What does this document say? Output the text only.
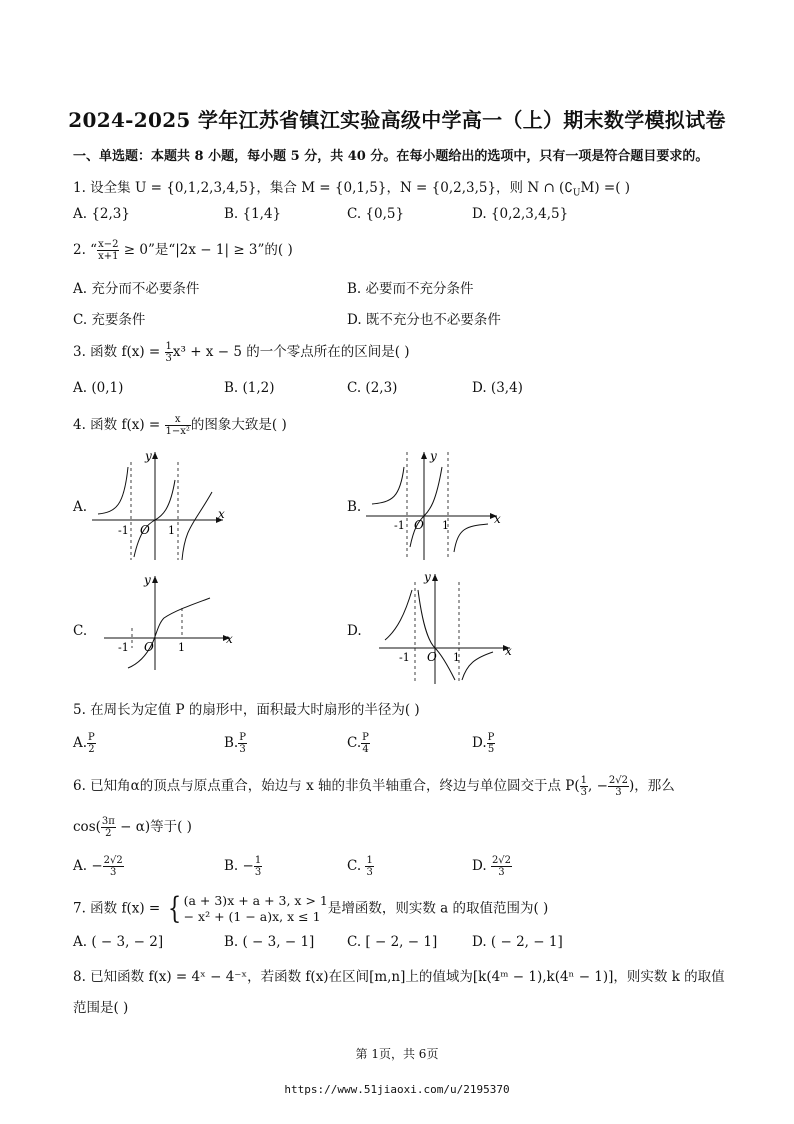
2024-2025 学年江苏省镇江实验高级中学高一（上）期末数学模拟试卷
一、单选题：本题共 8 小题，每小题 5 分，共 40 分。在每小题给出的选项中，只有一项是符合题目要求的。
1. 设全集 U = {0,1,2,3,4,5}，集合 M = {0,1,5}，N = {0,2,3,5}，则 N ∩ $(∁_UM)$ =( )
A. {2,3}	B. {1,4}	C. {0,5}	D. {0,2,3,4,5}
2. “ $\frac{x-2}{x+1} \ge 0$”是“|2x − 1| ≥ 3”的( )
A. 充分而不必要条件	B. 必要而不充分条件
C. 充要条件	D. 既不充分也不必要条件
3. 函数 $f(x) = \frac{1}{3} x^3 + x - 5$ 的一个零点所在的区间是( )
A. (0,1)	B. (1,2)	C. (2,3)	D. (3,4)
4. 函数 $f(x) = \frac{x}{\text{1−x²}}$ 的图象大致是( )
A.	B.
C.	D.
x
y
O
-1	1
x
y
O
-1	1
x
y
O
-1	1	x
y
O
-1	1
5. 在周长为定值 P 的扇形中，面积最大时扇形的半径为( )
A. $\frac{P}{2}$	B. $\frac{P}{3}$	C. $\frac{P}{4}$	D. $\frac{P}{5}$
6. 已知角α的顶点与原点重合，始边与 x 轴的非负半轴重合，终边与单位圆交于点 $P( \frac{1}{3}$ , − $\frac{2√2}{3}$ )，那么
$\cos( \frac{3\pi}{2} - \alpha)$等于( )
A. − $\frac{2√2}{3}$	B. − $\frac{1}{3}$	C. $\frac{1}{3}$	D. $\frac{2√2}{3}$
7. 函数 f(x) = { (a + 3)x + a + 3, x > 1
− x² + (1 − a)x, x ≤ 1 是增函数，则实数 a 的取值范围为( )
A. ( − 3, − 2]	B. ( − 3, − 1] C. [ − 2, − 1]	D. ( − 2, − 1]
8. 已知函数 f(x) = 4ˣ − 4⁻ˣ，若函数 f(x)在区间[m,n]上的值域为[k(4ᵐ − 1),k(4ⁿ − 1)]，则实数 k 的取值
范围是( )
第 1页，共 6页
https://www.51jiaoxi.com/u/2195370
